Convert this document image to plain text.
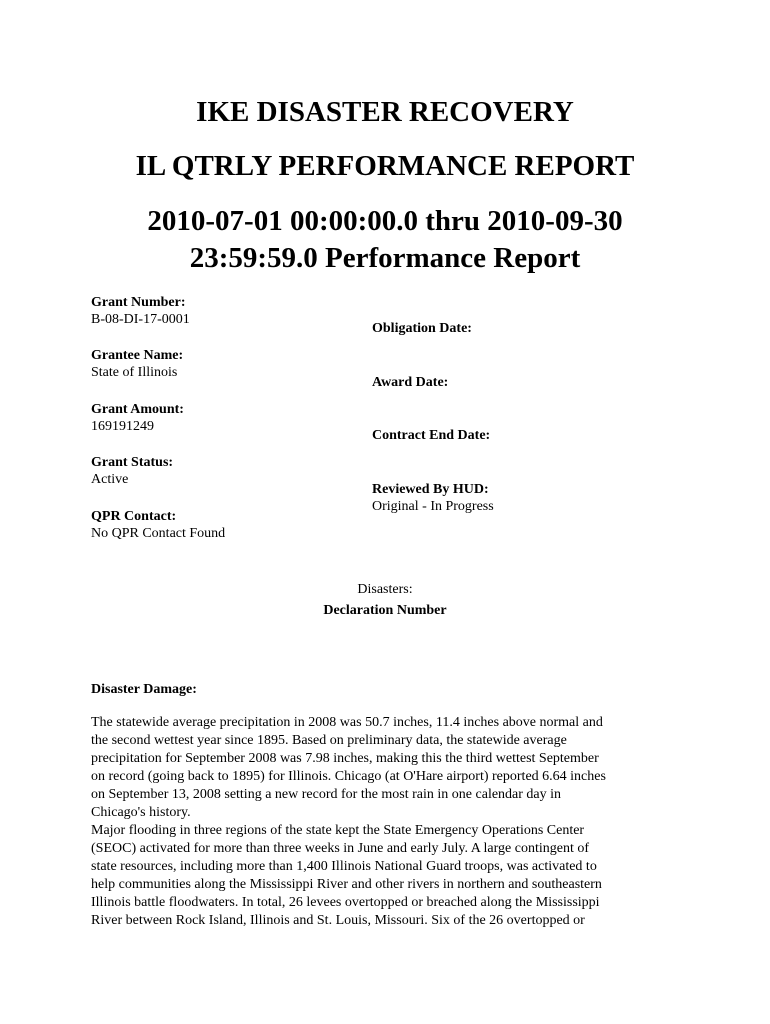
IKE DISASTER RECOVERY
IL QTRLY PERFORMANCE REPORT
2010-07-01 00:00:00.0 thru 2010-09-30
23:59:59.0 Performance Report
Grant Number:
B-08-DI-17-0001
Grantee Name:
State of Illinois
Grant Amount:
169191249
Grant Status:
Active
QPR Contact:
No QPR Contact Found
Obligation Date:
Award Date:
Contract End Date:
Reviewed By HUD:
Original - In Progress
Disasters:
Declaration Number
Disaster Damage:
The statewide average precipitation in 2008 was 50.7 inches, 11.4 inches above normal and
the second wettest year since 1895. Based on preliminary data, the statewide average
precipitation for September 2008 was 7.98 inches, making this the third wettest September
on record (going back to 1895) for Illinois. Chicago (at O'Hare airport) reported 6.64 inches
on September 13, 2008 setting a new record for the most rain in one calendar day in
Chicago's history.
Major flooding in three regions of the state kept the State Emergency Operations Center
(SEOC) activated for more than three weeks in June and early July. A large contingent of
state resources, including more than 1,400 Illinois National Guard troops, was activated to
help communities along the Mississippi River and other rivers in northern and southeastern
Illinois battle floodwaters. In total, 26 levees overtopped or breached along the Mississippi
River between Rock Island, Illinois and St. Louis, Missouri. Six of the 26 overtopped or
